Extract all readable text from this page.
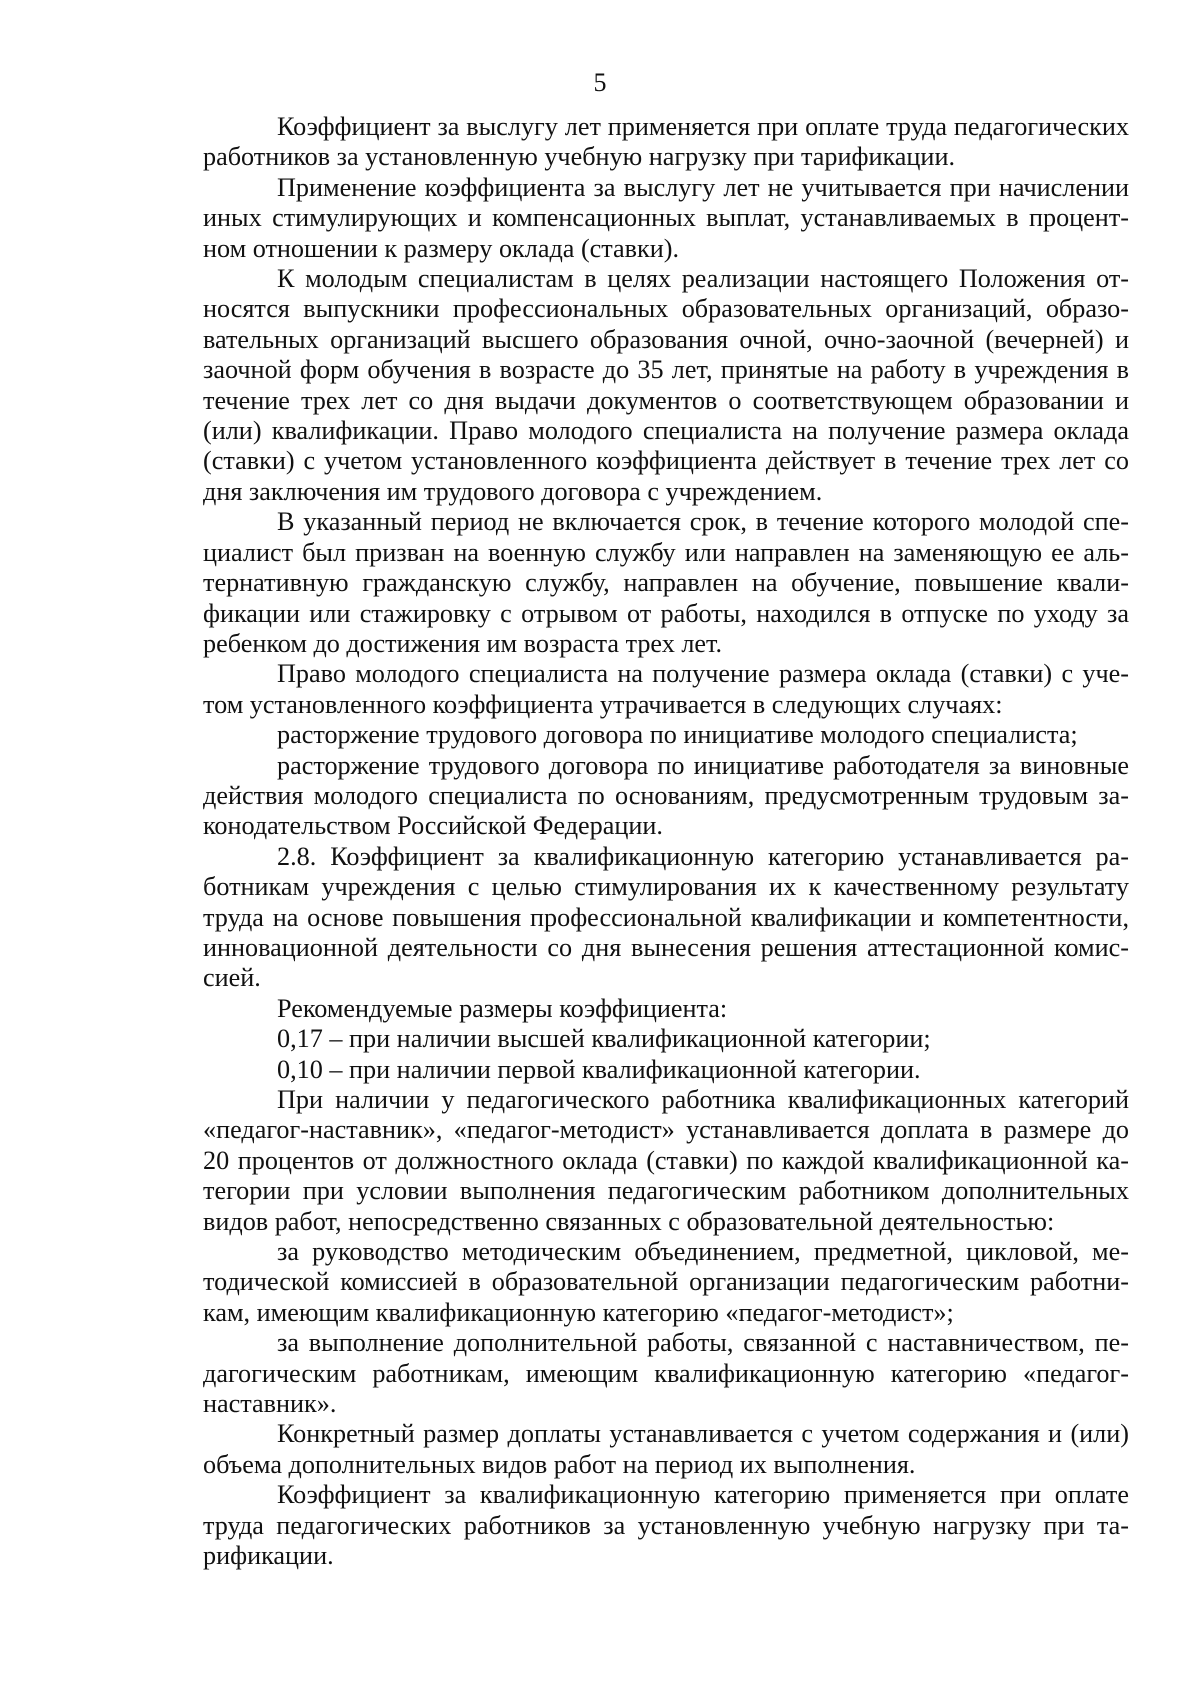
5

Коэффициент за выслугу лет применяется при оплате труда педагогических работников за установленную учебную нагрузку при тарификации.

Применение коэффициента за выслугу лет не учитывается при начислении иных стимулирующих и компенсационных выплат, устанавливаемых в процентном отношении к размеру оклада (ставки).

К молодым специалистам в целях реализации настоящего Положения относятся выпускники профессиональных образовательных организаций, образовательных организаций высшего образования очной, очно-заочной (вечерней) и заочной форм обучения в возрасте до 35 лет, принятые на работу в учреждения в течение трех лет со дня выдачи документов о соответствующем образовании и (или) квалификации. Право молодого специалиста на получение размера оклада (ставки) с учетом установленного коэффициента действует в течение трех лет со дня заключения им трудового договора с учреждением.

В указанный период не включается срок, в течение которого молодой специалист был призван на военную службу или направлен на заменяющую ее альтернативную гражданскую службу, направлен на обучение, повышение квалификации или стажировку с отрывом от работы, находился в отпуске по уходу за ребенком до достижения им возраста трех лет.

Право молодого специалиста на получение размера оклада (ставки) с учетом установленного коэффициента утрачивается в следующих случаях:

расторжение трудового договора по инициативе молодого специалиста;

расторжение трудового договора по инициативе работодателя за виновные действия молодого специалиста по основаниям, предусмотренным трудовым законодательством Российской Федерации.

2.8. Коэффициент за квалификационную категорию устанавливается работникам учреждения с целью стимулирования их к качественному результату труда на основе повышения профессиональной квалификации и компетентности, инновационной деятельности со дня вынесения решения аттестационной комиссией.

Рекомендуемые размеры коэффициента:

0,17 – при наличии высшей квалификационной категории;

0,10 – при наличии первой квалификационной категории.

При наличии у педагогического работника квалификационных категорий «педагог-наставник», «педагог-методист» устанавливается доплата в размере до 20 процентов от должностного оклада (ставки) по каждой квалификационной категории при условии выполнения педагогическим работником дополнительных видов работ, непосредственно связанных с образовательной деятельностью:

за руководство методическим объединением, предметной, цикловой, методической комиссией в образовательной организации педагогическим работникам, имеющим квалификационную категорию «педагог-методист»;

за выполнение дополнительной работы, связанной с наставничеством, педагогическим работникам, имеющим квалификационную категорию «педагог-наставник».

Конкретный размер доплаты устанавливается с учетом содержания и (или) объема дополнительных видов работ на период их выполнения.

Коэффициент за квалификационную категорию применяется при оплате труда педагогических работников за установленную учебную нагрузку при тарификации.
